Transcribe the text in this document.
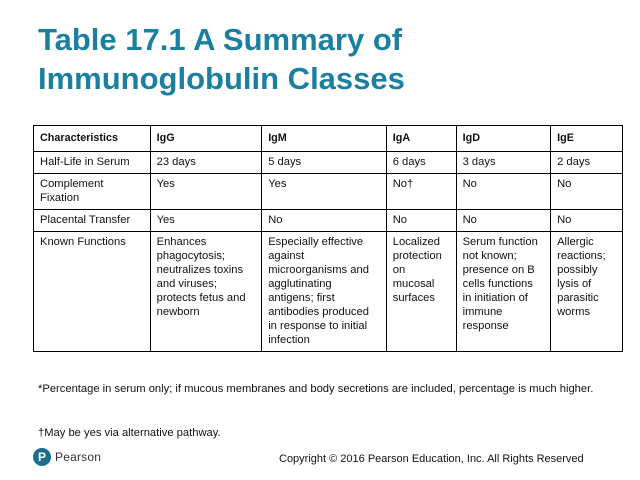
Table 17.1 A Summary of Immunoglobulin Classes
Characteristics	IgG	IgM	IgA	IgD	IgE
Half-Life in Serum	23 days	5 days	6 days	3 days	2 days
Complement Fixation	Yes	Yes	No†	No	No
Placental Transfer	Yes	No	No	No	No
Known Functions	Enhances phagocytosis; neutralizes toxins and viruses; protects fetus and newborn	Especially effective against microorganisms and agglutinating antigens; first antibodies produced in response to initial infection	Localized protection on mucosal surfaces	Serum function not known; presence on B cells functions in initiation of immune response	Allergic reactions; possibly lysis of parasitic worms
*Percentage in serum only; if mucous membranes and body secretions are included, percentage is much higher.
†May be yes via alternative pathway.
P Pearson	Copyright © 2016 Pearson Education, Inc. All Rights Reserved
